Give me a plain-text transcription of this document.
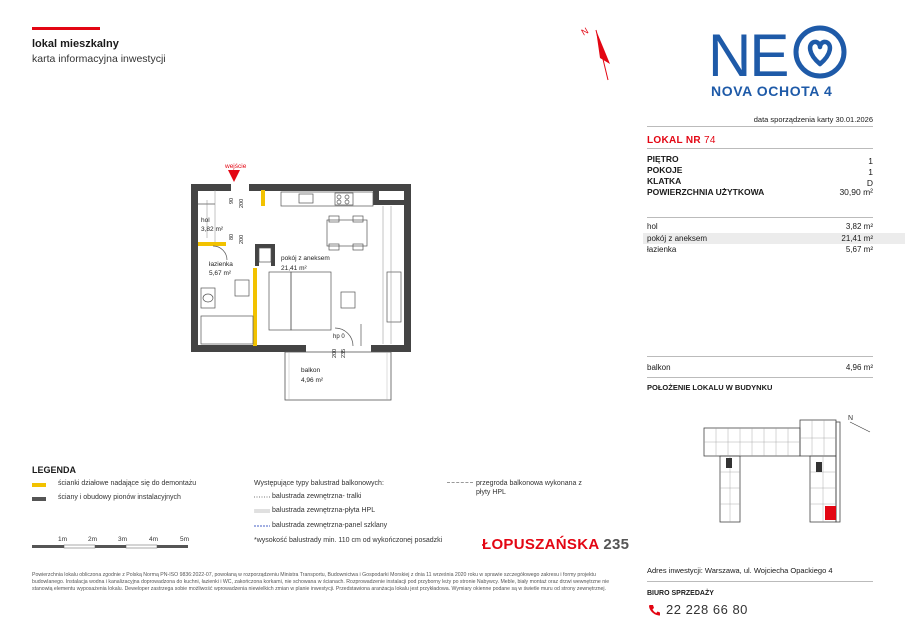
lokal mieszkalny
karta informacyjna inwestycji
N NE
NOVA OCHOTA 4
data sporządzenia karty 30.01.2026
LOKAL NR 74
PIĘTRO	1
POKOJE	1
KLATKA	D
POWIERZCHNIA UŻYTKOWA	30,90 m²
hol	3,82 m²
pokój z aneksem	21,41 m²
łazienka	5,67 m²
balkon	4,96 m²
POŁOŻENIE LOKALU W BUDYNKU
N
wejście
hol
3,82 m²
łazienka
5,67 m²
pokój z aneksem
21,41 m²
hp 0
balkon
4,96 m²
90 200
80 200
200 235
LEGENDA
ścianki działowe nadające się do demontażu
ściany i obudowy pionów instalacyjnych
Występujące typy balustrad balkonowych:
balustrada zewnętrzna- tralki
balustrada zewnętrzna-płyta HPL
balustrada zewnętrzna-panel szklany
*wysokość balustrady min. 110 cm od wykończonej posadzki
przegroda balkonowa wykonana z płyty HPL
1m	2m	3m	4m	5m	ŁOPUSZAŃSKA 235
Powierzchnia lokalu obliczona zgodnie z Polską Normą PN-ISO 9836:2022-07, powołaną w rozporządzeniu Ministra Transportu, Budownictwa i Gospodarki Morskiej z dnia 11 września 2020 roku w sprawie szczegółowego zakresu i formy projektu budowlanego. Instalacja wodna i kanalizacyjna doprowadzona do kuchni, łazienki i WC, zakończona korkami, nie schowana w ścianach. Rozprowadzenie instalacji pod przyborny leży po stronie Nabywcy. Meble, biały montaż oraz drzwi wewnętrzne nie stanowią elementu wyposażenia lokalu. Deweloper zastrzega sobie możliwość wprowadzenia niewielkich zmian w planie inwestycji. Przedstawiona aranżacja lokalu jest przykładowa. Wymiary okienne podane są w świetle muru od strony zewnętrznej.
Adres inwestycji: Warszawa, ul. Wojciecha Opackiego 4
BIURO SPRZEDAŻY
22 228 66 80
